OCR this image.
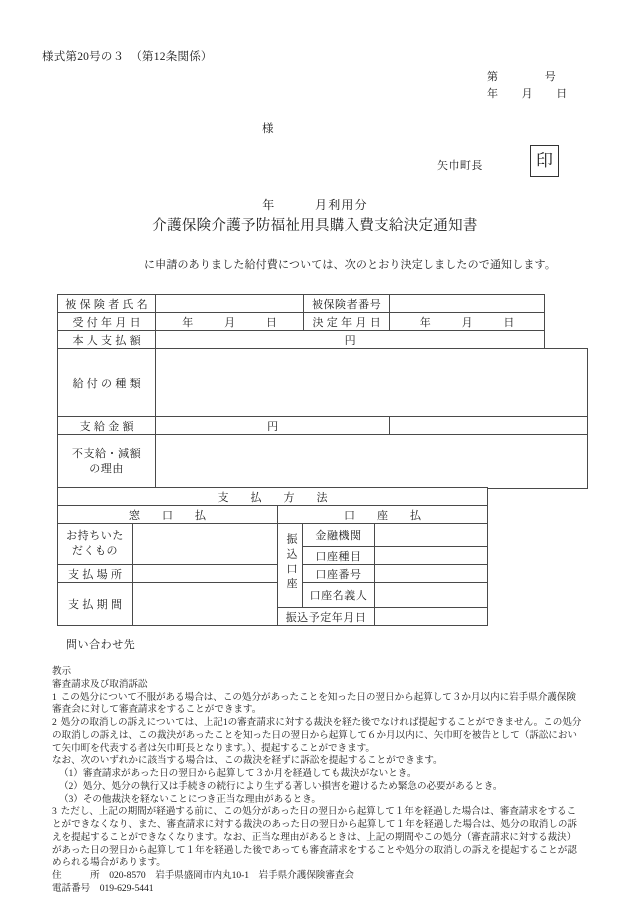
様式第20号の３　（第12条関係）
第　　　　号
年　　月　　日
様
矢巾町長	印
年　　　月利用分
介護保険介護予防福祉用具購入費支給決定通知書
に申請のありました給付費については、次のとおり決定しましたので通知します。
被保険者氏名		被保険者番号		
受付年月日	年　月　日	決定年月日	年　月　日	
本人支払額	円			
給付の種類				
支給金額	円			

不支給・減額
の理由				

支　払　方　法				
窓　口　払		口　座　払		

お持ちいた
だくもの		振込口座	金融機関	
			口座種目	
支払場所			口座番号	
支払期間			口座名義人	
		振込予定年月日		
問い合わせ先

教示

審査請求及び取消訴訟

1 この処分について不服がある場合は、この処分があったことを知った日の翌日から起算して３か月以内に岩手県介護保険審査会に対して審査請求をすることができます。

2 処分の取消しの訴えについては、上記1の審査請求に対する裁決を経た後でなければ提起することができません。この処分の取消しの訴えは、この裁決があったことを知った日の翌日から起算して６か月以内に、矢巾町を被告として（訴訟において矢巾町を代表する者は矢巾町長となります。）、提起することができます。

なお、次のいずれかに該当する場合は、この裁決を経ずに訴訟を提起することができます。

（1）審査請求があった日の翌日から起算して３か月を経過しても裁決がないとき。

（2）処分、処分の執行又は手続きの続行により生ずる著しい損害を避けるため緊急の必要があるとき。

（3）その他裁決を経ないことにつき正当な理由があるとき。

3 ただし、上記の期間が経過する前に、この処分があった日の翌日から起算して１年を経過した場合は、審査請求をすることができなくなり、また、審査請求に対する裁決のあった日の翌日から起算して１年を経過した場合は、処分の取消しの訴えを提起することができなくなります。なお、正当な理由があるときは、上記の期間やこの処分（審査請求に対する裁決）があった日の翌日から起算して１年を経過した後であっても審査請求をすることや処分の取消しの訴えを提起することが認められる場合があります。

住　　　所　 020-8570　岩手県盛岡市内丸10-1　岩手県介護保険審査会

電話番号　 019-629-5441
